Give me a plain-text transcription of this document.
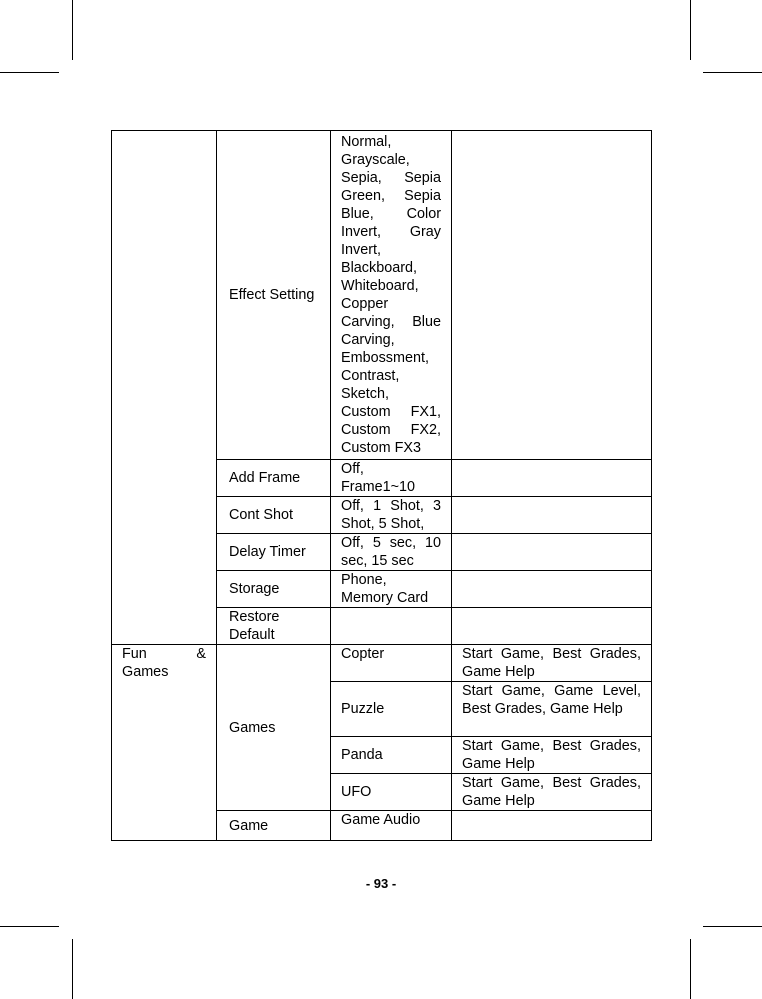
	Effect Setting	Normal, Grayscale, Sepia, Sepia Green, Sepia Blue, Color Invert, Gray Invert, Blackboard, Whiteboard, Copper Carving, Blue Carving, Embossment, Contrast, Sketch, Custom FX1, Custom FX2, Custom FX3	
	Add Frame	Off, Frame1~10	
	Cont Shot	Off, 1 Shot, 3 Shot, 5 Shot,	
	Delay Timer	Off, 5 sec, 10 sec, 15 sec	
	Storage	Phone, Memory Card	
	Restore Default		
Fun & Games	Games	Copter	Start Game, Best Grades, Game Help
		Puzzle	Start Game, Game Level, Best Grades, Game Help
		Panda	Start Game, Best Grades, Game Help
		UFO	Start Game, Best Grades, Game Help
	Game	Game Audio	
- 93 -
